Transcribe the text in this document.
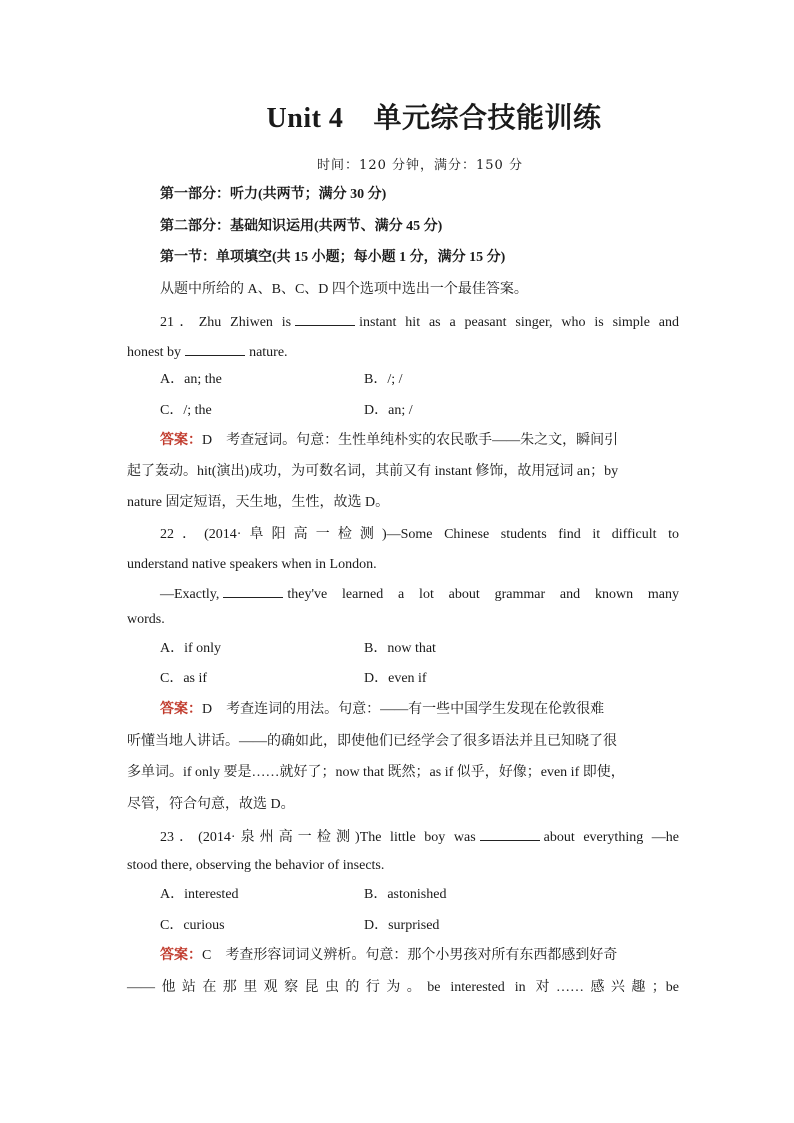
Unit 4 单元综合技能训练
时间：120 分钟，满分：150 分
第一部分：听力(共两节；满分 30 分)
第二部分：基础知识运用(共两节、满分 45 分)
第一节：单项填空(共 15 小题；每小题 1 分，满分 15 分)
从题中所给的 A、B、C、D 四个选项中选出一个最佳答案。
21．Zhu Zhiwen is	instant hit as a peasant singer, who is simple and
honest by	nature.
A．an; the	B．/; /
C．/; the	D．an; /
答案：D　考查冠词。句意：生性单纯朴实的农民歌手——朱之文，瞬间引
起了轰动。hit(演出)成功，为可数名词，其前又有 instant 修饰，故用冠词 an；by
nature 固定短语，天生地，生性，故选 D。
22．(2014·阜阳高一检测)—Some Chinese students find it difficult to
understand native speakers when in London.
—Exactly,	they've learned a lot about grammar and known many
words.
A．if only	B．now that
C．as if	D．even if
答案：D　考查连词的用法。句意：——有一些中国学生发现在伦敦很难
听懂当地人讲话。——的确如此，即使他们已经学会了很多语法并且已知晓了很
多单词。if only 要是……就好了；now that 既然；as if 似乎，好像；even if 即使，
尽管，符合句意，故选 D。
23．(2014·泉州高一检测)The little boy was	about everything —he
stood there, observing the behavior of insects.
A．interested	B．astonished
C．curious	D．surprised
答案：C　考查形容词词义辨析。句意：那个小男孩对所有东西都感到好奇
——他站在那里观察昆虫的行为。be interested in 对……感兴趣；be
